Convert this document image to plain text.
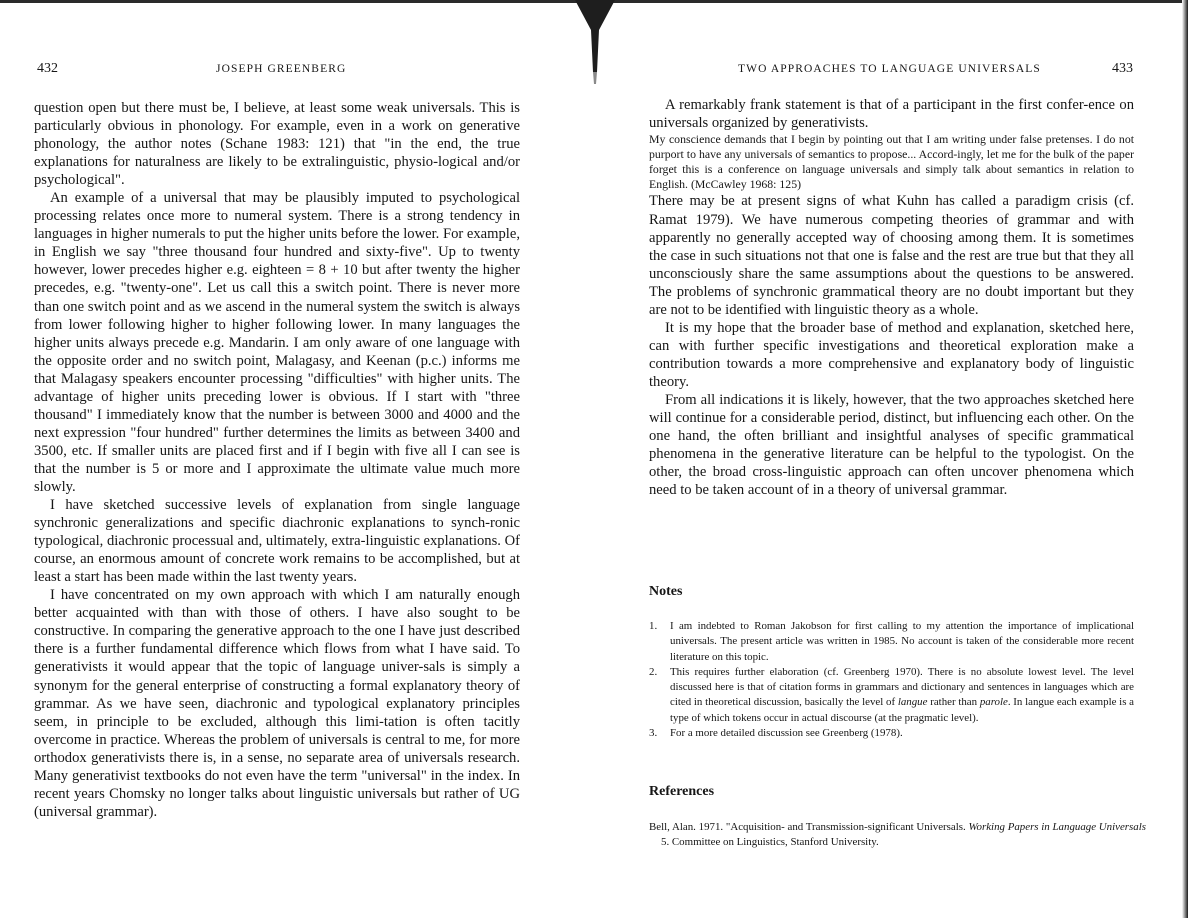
432	JOSEPH GREENBERG

question open but there must be, I believe, at least some weak universals. This is particularly obvious in phonology. For example, even in a work on generative phonology, the author notes (Schane 1983: 121) that "in the end, the true explanations for naturalness are likely to be extralinguistic, physio-logical and/or psychological".

An example of a universal that may be plausibly imputed to psychological processing relates once more to numeral system. There is a strong tendency in languages in higher numerals to put the higher units before the lower. For example, in English we say "three thousand four hundred and sixty-five". Up to twenty however, lower precedes higher e.g. eighteen = 8 + 10 but after twenty the higher precedes, e.g. "twenty-one". Let us call this a switch point. There is never more than one switch point and as we ascend in the numeral system the switch is always from lower following higher to higher following lower. In many languages the higher units always precede e.g. Mandarin. I am only aware of one language with the opposite order and no switch point, Malagasy, and Keenan (p.c.) informs me that Malagasy speakers encounter processing "difficulties" with higher units. The advantage of higher units preceding lower is obvious. If I start with "three thousand" I immediately know that the number is between 3000 and 4000 and the next expression "four hundred" further determines the limits as between 3400 and 3500, etc. If smaller units are placed first and if I begin with five all I can see is that the number is 5 or more and I approximate the ultimate value much more slowly.

I have sketched successive levels of explanation from single language synchronic generalizations and specific diachronic explanations to synch-ronic typological, diachronic processual and, ultimately, extra-linguistic explanations. Of course, an enormous amount of concrete work remains to be accomplished, but at least a start has been made within the last twenty years.

I have concentrated on my own approach with which I am naturally enough better acquainted with than with those of others. I have also sought to be constructive. In comparing the generative approach to the one I have just described there is a further fundamental difference which flows from what I have said. To generativists it would appear that the topic of language univer-sals is simply a synonym for the general enterprise of constructing a formal explanatory theory of grammar. As we have seen, diachronic and typological explanatory principles seem, in principle to be excluded, although this limi-tation is often tacitly overcome in practice. Whereas the problem of universals is central to me, for more orthodox generativists there is, in a sense, no separate area of universals research. Many generativist textbooks do not even have the term "universal" in the index. In recent years Chomsky no longer talks about linguistic universals but rather of UG (universal grammar).

TWO APPROACHES TO LANGUAGE UNIVERSALS	433

A remarkably frank statement is that of a participant in the first confer-ence on universals organized by generativists.

My conscience demands that I begin by pointing out that I am writing under false pretenses. I do not purport to have any universals of semantics to propose... Accord-ingly, let me for the bulk of the paper forget this is a conference on language universals and simply talk about semantics in relation to English. (McCawley 1968: 125)

There may be at present signs of what Kuhn has called a paradigm crisis (cf. Ramat 1979). We have numerous competing theories of grammar and with apparently no generally accepted way of choosing among them. It is sometimes the case in such situations not that one is false and the rest are true but that they all unconsciously share the same assumptions about the questions to be answered. The problems of synchronic grammatical theory are no doubt important but they are not to be identified with linguistic theory as a whole.

It is my hope that the broader base of method and explanation, sketched here, can with further specific investigations and theoretical exploration make a contribution towards a more comprehensive and explanatory body of linguistic theory.

From all indications it is likely, however, that the two approaches sketched here will continue for a considerable period, distinct, but influencing each other. On the one hand, the often brilliant and insightful analyses of specific grammatical phenomena in the generative literature can be helpful to the typologist. On the other, the broad cross-linguistic approach can often uncover phenomena which need to be taken account of in a theory of universal grammar.

Notes
1. I am indebted to Roman Jakobson for first calling to my attention the importance of implicational universals. The present article was written in 1985. No account is taken of the considerable more recent literature on this topic.
2. This requires further elaboration (cf. Greenberg 1970). There is no absolute lowest level. The level discussed here is that of citation forms in grammars and dictionary and sentences in languages which are cited in theoretical discussion, basically the level of langue rather than parole. In langue each example is a type of which tokens occur in actual discourse (at the pragmatic level).
3. For a more detailed discussion see Greenberg (1978).
References
Bell, Alan. 1971. "Acquisition- and Transmission-significant Universals. Working Papers in Language Universals 5. Committee on Linguistics, Stanford University.
